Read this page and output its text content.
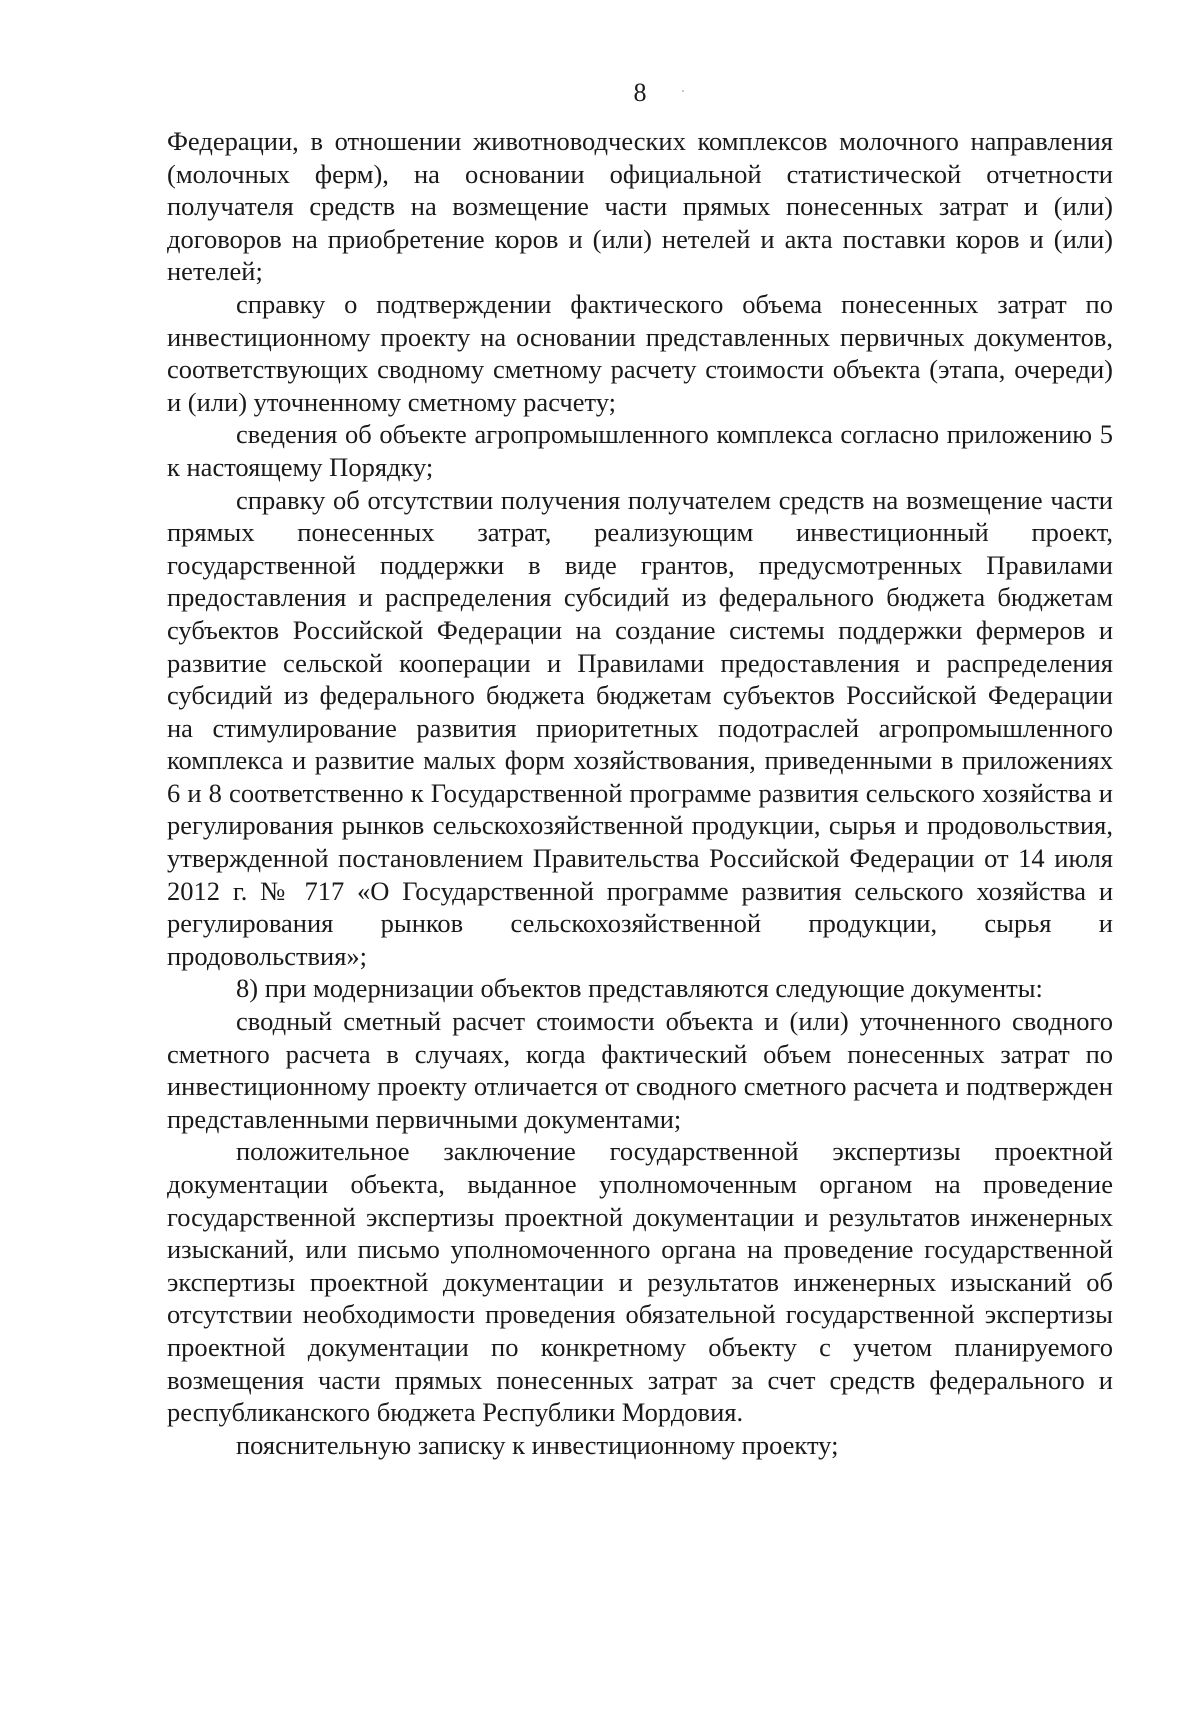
8

Федерации, в отношении животноводческих комплексов молочного направления (молочных ферм), на основании официальной статистической отчетности получателя средств на возмещение части прямых понесенных затрат и (или) договоров на приобретение коров и (или) нетелей и акта поставки коров и (или) нетелей;

справку о подтверждении фактического объема понесенных затрат по инвестиционному проекту на основании представленных первичных документов, соответствующих сводному сметному расчету стоимости объекта (этапа, очереди) и (или) уточненному сметному расчету;

сведения об объекте агропромышленного комплекса согласно приложению 5 к настоящему Порядку;

справку об отсутствии получения получателем средств на возмещение части прямых понесенных затрат, реализующим инвестиционный проект, государственной поддержки в виде грантов, предусмотренных Правилами предоставления и распределения субсидий из федерального бюджета бюджетам субъектов Российской Федерации на создание системы поддержки фермеров и развитие сельской кооперации и Правилами предоставления и распределения субсидий из федерального бюджета бюджетам субъектов Российской Федерации на стимулирование развития приоритетных подотраслей агропромышленного комплекса и развитие малых форм хозяйствования, приведенными в приложениях 6 и 8 соответственно к Государственной программе развития сельского хозяйства и регулирования рынков сельскохозяйственной продукции, сырья и продовольствия, утвержденной постановлением Правительства Российской Федерации от 14 июля 2012 г. № 717 «О Государственной программе развития сельского хозяйства и регулирования рынков сельскохозяйственной продукции, сырья и продовольствия»;

8) при модернизации объектов представляются следующие документы:

сводный сметный расчет стоимости объекта и (или) уточненного сводного сметного расчета в случаях, когда фактический объем понесенных затрат по инвестиционному проекту отличается от сводного сметного расчета и подтвержден представленными первичными документами;

положительное заключение государственной экспертизы проектной документации объекта, выданное уполномоченным органом на проведение государственной экспертизы проектной документации и результатов инженерных изысканий, или письмо уполномоченного органа на проведение государственной экспертизы проектной документации и результатов инженерных изысканий об отсутствии необходимости проведения обязательной государственной экспертизы проектной документации по конкретному объекту с учетом планируемого возмещения части прямых понесенных затрат за счет средств федерального и республиканского бюджета Республики Мордовия.

пояснительную записку к инвестиционному проекту;
